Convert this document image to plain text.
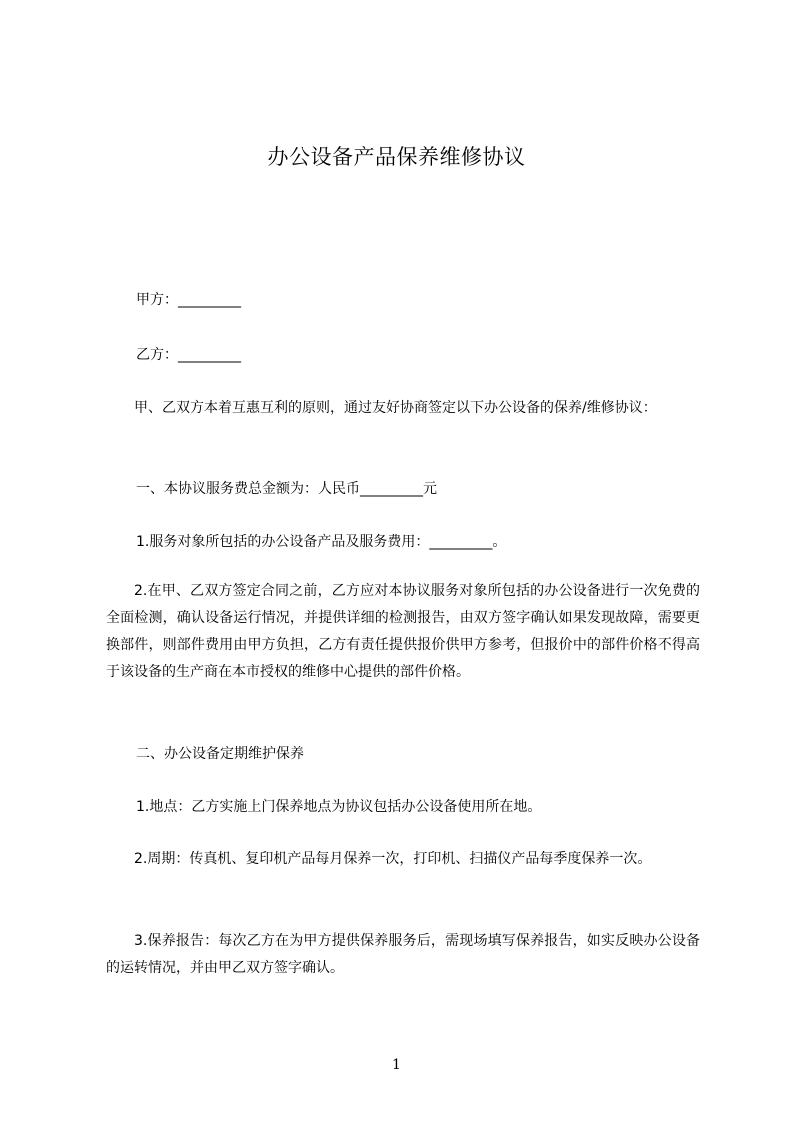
办公设备产品保养维修协议
甲方：_________
乙方：_________
甲、乙双方本着互惠互利的原则，通过友好协商签定以下办公设备的保养/维修协议：
一、本协议服务费总金额为：人民币_________元
1.服务对象所包括的办公设备产品及服务费用：_________。
2.在甲、乙双方签定合同之前，乙方应对本协议服务对象所包括的办公设备进行一次免费的全面检测，确认设备运行情况，并提供详细的检测报告，由双方签字确认如果发现故障，需要更换部件，则部件费用由甲方负担，乙方有责任提供报价供甲方参考，但报价中的部件价格不得高于该设备的生产商在本市授权的维修中心提供的部件价格。
二、办公设备定期维护保养
1.地点：乙方实施上门保养地点为协议包括办公设备使用所在地。
2.周期：传真机、复印机产品每月保养一次，打印机、扫描仪产品每季度保养一次。
3.保养报告：每次乙方在为甲方提供保养服务后，需现场填写保养报告，如实反映办公设备的运转情况，并由甲乙双方签字确认。
1
